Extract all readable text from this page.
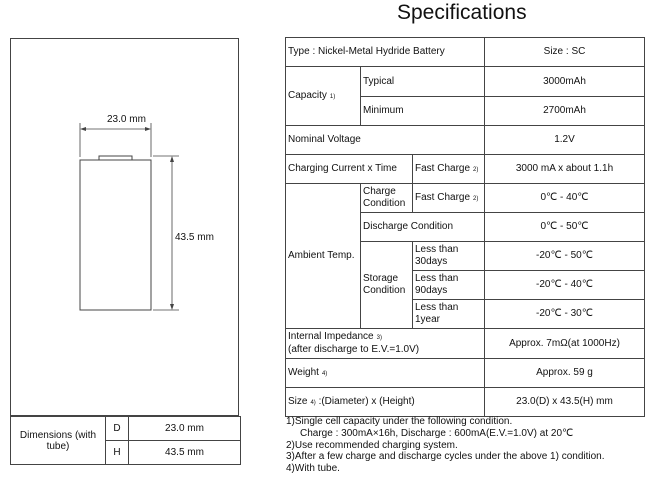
Specifications
23.0 mm
43.5 mm
Dimensions (with tube)	D	23.0 mm
	H	43.5 mm
Type : Nickel-Metal Hydride Battery			Size : SC
Capacity 1)	Typical		3000mAh
	Minimum		2700mAh
Nominal Voltage			1.2V
Charging Current x Time		Fast Charge 2)	3000 mA x about 1.1h
Ambient Temp.	Charge Condition	Fast Charge 2)	0℃ - 40℃
	Discharge Condition		0℃ - 50℃
	Storage Condition	Less than 30days	-20℃ - 50℃
		Less than 90days	-20℃ - 40℃
		Less than 1year	-20℃ - 30℃
Internal Impedance 3)
(after discharge to E.V.=1.0V)			Approx. 7mΩ(at 1000Hz)
Weight 4)			Approx. 59 g
Size 4) :(Diameter) x (Height)			23.0(D) x 43.5(H) mm
1)Single cell capacity under the following condition.
Charge : 300mA×16h, Discharge : 600mA(E.V.=1.0V) at 20℃
2)Use recommended charging system.
3)After a few charge and discharge cycles under the above 1) condition.
4)With tube.
